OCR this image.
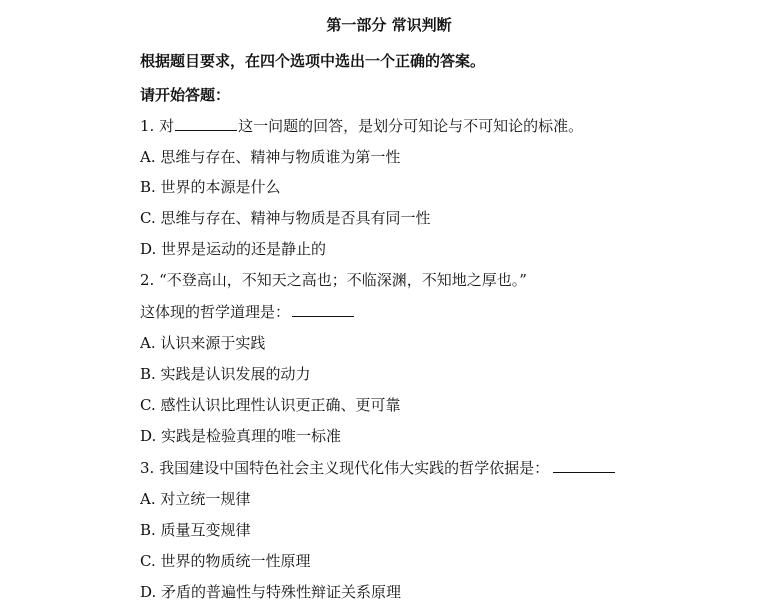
第一部分 常识判断
根据题目要求，在四个选项中选出一个正确的答案。
请开始答题：
1. 对	这一问题的回答，是划分可知论与不可知论的标准。
A. 思维与存在、精神与物质谁为第一性
B. 世界的本源是什么
C. 思维与存在、精神与物质是否具有同一性
D. 世界是运动的还是静止的
2. “不登高山，不知天之高也；不临深渊，不知地之厚也。”
这体现的哲学道理是：
A. 认识来源于实践
B. 实践是认识发展的动力
C. 感性认识比理性认识更正确、更可靠
D. 实践是检验真理的唯一标准
3. 我国建设中国特色社会主义现代化伟大实践的哲学依据是：
A. 对立统一规律
B. 质量互变规律
C. 世界的物质统一性原理
D. 矛盾的普遍性与特殊性辩证关系原理
